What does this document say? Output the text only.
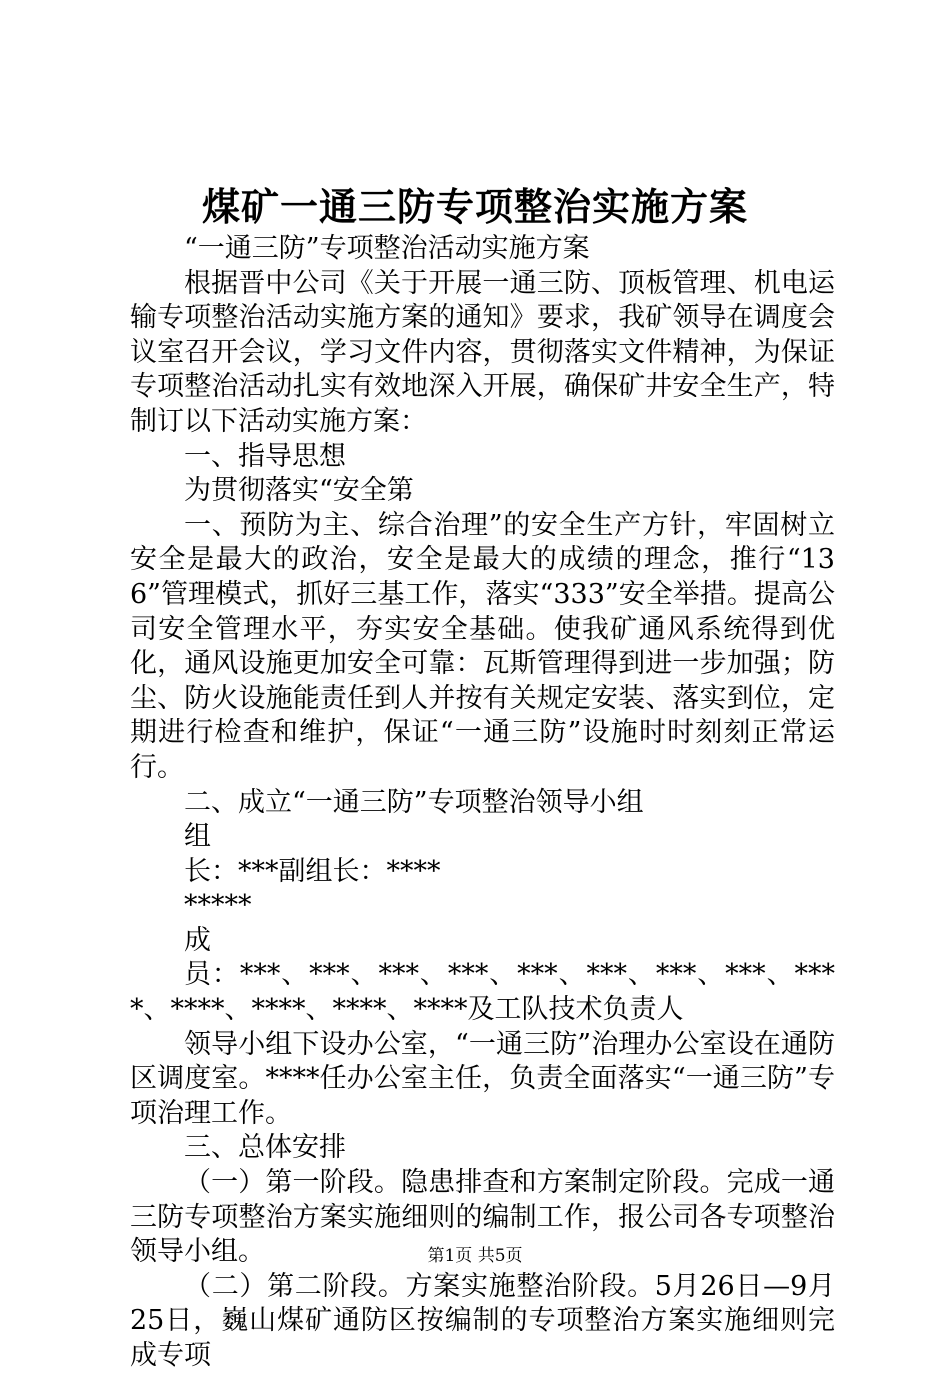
煤矿一通三防专项整治实施方案

“一通三防”专项整治活动实施方案

根据晋中公司《关于开展一通三防、顶板管理、机电运输专项整治活动实施方案的通知》要求，我矿领导在调度会议室召开会议，学习文件内容，贯彻落实文件精神，为保证专项整治活动扎实有效地深入开展，确保矿井安全生产，特制订以下活动实施方案：

一、指导思想

为贯彻落实“安全第

一、预防为主、综合治理”的安全生产方针，牢固树立安全是最大的政治，安全是最大的成绩的理念，推行“136”管理模式，抓好三基工作，落实“333”安全举措。提高公司安全管理水平，夯实安全基础。使我矿通风系统得到优化，通风设施更加安全可靠：瓦斯管理得到进一步加强；防尘、防火设施能责任到人并按有关规定安装、落实到位，定期进行检查和维护，保证“一通三防”设施时时刻刻正常运行。

二、成立“一通三防”专项整治领导小组

组

长：***副组长：****

*****

成

员：***、***、***、***、***、***、***、***、****、****、****、****、****及工队技术负责人

领导小组下设办公室，“一通三防”治理办公室设在通防区调度室。****任办公室主任，负责全面落实“一通三防”专项治理工作。

三、总体安排

（一）第一阶段。隐患排查和方案制定阶段。完成一通三防专项整治方案实施细则的编制工作，报公司各专项整治领导小组。

（二）第二阶段。方案实施整治阶段。5月26日—9月25日，巍山煤矿通防区按编制的专项整治方案实施细则完成专项

第1页 共5页
